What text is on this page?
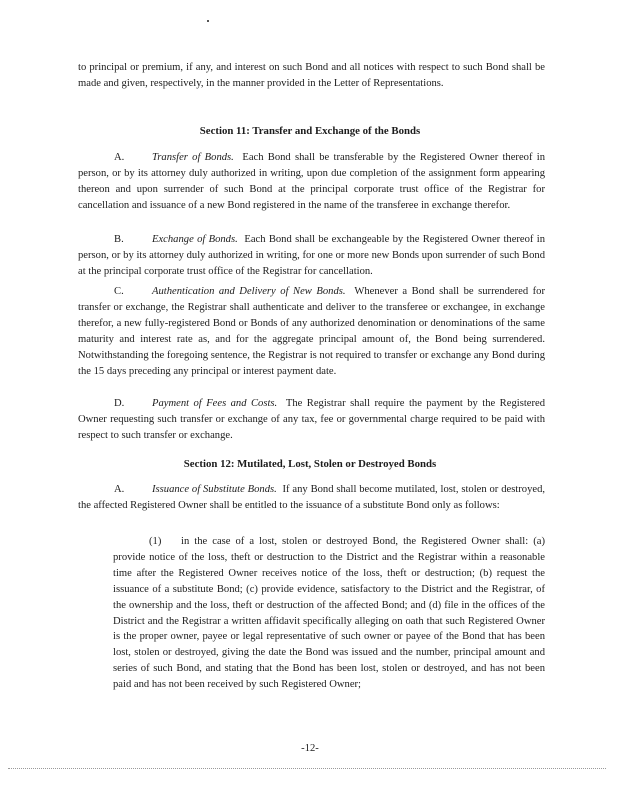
to principal or premium, if any, and interest on such Bond and all notices with respect to such Bond shall be made and given, respectively, in the manner provided in the Letter of Representations.
Section 11: Transfer and Exchange of the Bonds
A.	Transfer of Bonds. Each Bond shall be transferable by the Registered Owner thereof in person, or by its attorney duly authorized in writing, upon due completion of the assignment form appearing thereon and upon surrender of such Bond at the principal corporate trust office of the Registrar for cancellation and issuance of a new Bond registered in the name of the transferee in exchange therefor.
B.	Exchange of Bonds. Each Bond shall be exchangeable by the Registered Owner thereof in person, or by its attorney duly authorized in writing, for one or more new Bonds upon surrender of such Bond at the principal corporate trust office of the Registrar for cancellation.
C.	Authentication and Delivery of New Bonds. Whenever a Bond shall be surrendered for transfer or exchange, the Registrar shall authenticate and deliver to the transferee or exchangee, in exchange therefor, a new fully-registered Bond or Bonds of any authorized denomination or denominations of the same maturity and interest rate as, and for the aggregate principal amount of, the Bond being surrendered. Notwithstanding the foregoing sentence, the Registrar is not required to transfer or exchange any Bond during the 15 days preceding any principal or interest payment date.
D.	Payment of Fees and Costs. The Registrar shall require the payment by the Registered Owner requesting such transfer or exchange of any tax, fee or governmental charge required to be paid with respect to such transfer or exchange.
Section 12: Mutilated, Lost, Stolen or Destroyed Bonds
A.	Issuance of Substitute Bonds. If any Bond shall become mutilated, lost, stolen or destroyed, the affected Registered Owner shall be entitled to the issuance of a substitute Bond only as follows:
(1) in the case of a lost, stolen or destroyed Bond, the Registered Owner shall: (a) provide notice of the loss, theft or destruction to the District and the Registrar within a reasonable time after the Registered Owner receives notice of the loss, theft or destruction; (b) request the issuance of a substitute Bond; (c) provide evidence, satisfactory to the District and the Registrar, of the ownership and the loss, theft or destruction of the affected Bond; and (d) file in the offices of the District and the Registrar a written affidavit specifically alleging on oath that such Registered Owner is the proper owner, payee or legal representative of such owner or payee of the Bond that has been lost, stolen or destroyed, giving the date the Bond was issued and the number, principal amount and series of such Bond, and stating that the Bond has been lost, stolen or destroyed, and has not been paid and has not been received by such Registered Owner;
-12-
